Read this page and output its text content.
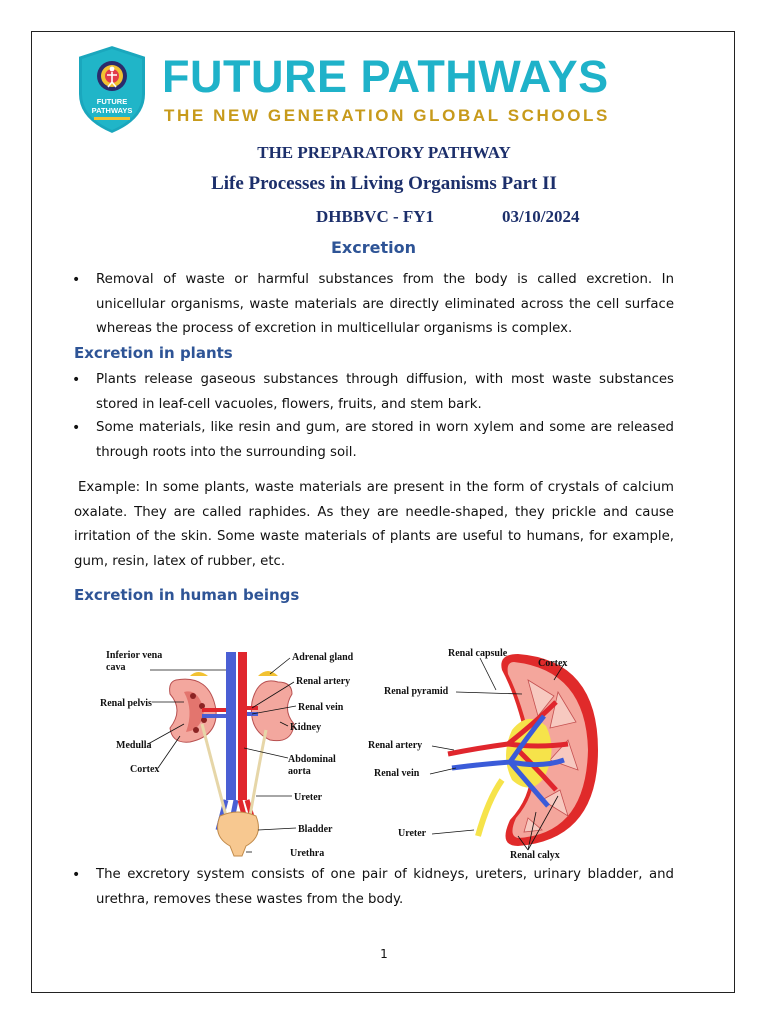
FUTURE
PATHWAYS
FUTURE PATHWAYS
THE NEW GENERATION GLOBAL SCHOOLS
THE PREPARATORY PATHWAY
Life Processes in Living Organisms Part II
DHBBVC - FY1	03/10/2024
Excretion
• Removal of waste or harmful substances from the body is called excretion. In unicellular organisms, waste materials are directly eliminated across the cell surface whereas the process of excretion in multicellular organisms is complex.
Excretion in plants
• Plants release gaseous substances through diffusion, with most waste substances stored in leaf-cell vacuoles, flowers, fruits, and stem bark.
• Some materials, like resin and gum, are stored in worn xylem and some are released through roots into the surrounding soil.
Example: In some plants, waste materials are present in the form of crystals of calcium oxalate. They are called raphides. As they are needle-shaped, they prickle and cause irritation of the skin. Some waste materials of plants are useful to humans, for example, gum, resin, latex of rubber, etc.
Excretion in human beings
Inferior vena
cava
Renal pelvis
Medulla
Cortex
Adrenal gland
Renal artery
Renal vein
Kidney
Abdominal
aorta
Ureter
Bladder
Urethra
Renal capsule
Cortex
Renal pyramid
Renal artery
Renal vein
Ureter
Renal calyx
• The excretory system consists of one pair of kidneys, ureters, urinary bladder, and urethra, removes these wastes from the body.
1
